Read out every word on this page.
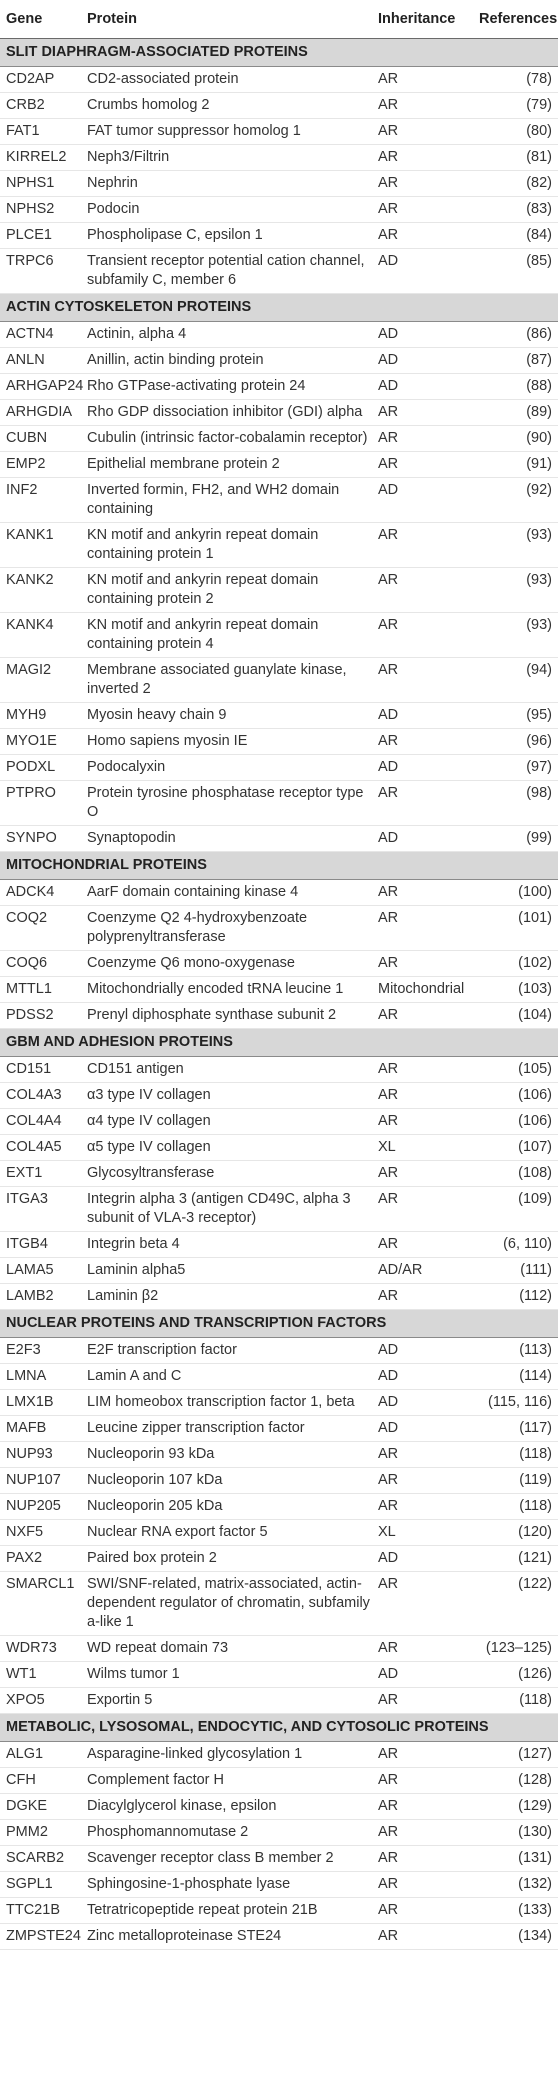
Gene	Protein	Inheritance	References
SLIT DIAPHRAGM-ASSOCIATED PROTEINS			
CD2AP	CD2-associated protein	AR	(78)
CRB2	Crumbs homolog 2	AR	(79)
FAT1	FAT tumor suppressor homolog 1	AR	(80)
KIRREL2	Neph3/Filtrin	AR	(81)
NPHS1	Nephrin	AR	(82)
NPHS2	Podocin	AR	(83)
PLCE1	Phospholipase C, epsilon 1	AR	(84)
TRPC6	Transient receptor potential cation channel, subfamily C, member 6	AD	(85)
ACTIN CYTOSKELETON PROTEINS			
ACTN4	Actinin, alpha 4	AD	(86)
ANLN	Anillin, actin binding protein	AD	(87)
ARHGAP24	Rho GTPase-activating protein 24	AD	(88)
ARHGDIA	Rho GDP dissociation inhibitor (GDI) alpha	AR	(89)
CUBN	Cubulin (intrinsic factor-cobalamin receptor)	AR	(90)
EMP2	Epithelial membrane protein 2	AR	(91)
INF2	Inverted formin, FH2, and WH2 domain containing	AD	(92)
KANK1	KN motif and ankyrin repeat domain containing protein 1	AR	(93)
KANK2	KN motif and ankyrin repeat domain containing protein 2	AR	(93)
KANK4	KN motif and ankyrin repeat domain containing protein 4	AR	(93)
MAGI2	Membrane associated guanylate kinase, inverted 2	AR	(94)
MYH9	Myosin heavy chain 9	AD	(95)
MYO1E	Homo sapiens myosin IE	AR	(96)
PODXL	Podocalyxin	AD	(97)
PTPRO	Protein tyrosine phosphatase receptor type O	AR	(98)
SYNPO	Synaptopodin	AD	(99)
MITOCHONDRIAL PROTEINS			
ADCK4	AarF domain containing kinase 4	AR	(100)
COQ2	Coenzyme Q2 4-hydroxybenzoate polyprenyltransferase	AR	(101)
COQ6	Coenzyme Q6 mono-oxygenase	AR	(102)
MTTL1	Mitochondrially encoded tRNA leucine 1	Mitochondrial	(103)
PDSS2	Prenyl diphosphate synthase subunit 2	AR	(104)
GBM AND ADHESION PROTEINS			
CD151	CD151 antigen	AR	(105)
COL4A3	α3 type IV collagen	AR	(106)
COL4A4	α4 type IV collagen	AR	(106)
COL4A5	α5 type IV collagen	XL	(107)
EXT1	Glycosyltransferase	AR	(108)
ITGA3	Integrin alpha 3 (antigen CD49C, alpha 3 subunit of VLA-3 receptor)	AR	(109)
ITGB4	Integrin beta 4	AR	(6, 110)
LAMA5	Laminin alpha5	AD/AR	(111)
LAMB2	Laminin β2	AR	(112)
NUCLEAR PROTEINS AND TRANSCRIPTION FACTORS			
E2F3	E2F transcription factor	AD	(113)
LMNA	Lamin A and C	AD	(114)
LMX1B	LIM homeobox transcription factor 1, beta	AD	(115, 116)
MAFB	Leucine zipper transcription factor	AD	(117)
NUP93	Nucleoporin 93 kDa	AR	(118)
NUP107	Nucleoporin 107 kDa	AR	(119)
NUP205	Nucleoporin 205 kDa	AR	(118)
NXF5	Nuclear RNA export factor 5	XL	(120)
PAX2	Paired box protein 2	AD	(121)
SMARCL1	SWI/SNF-related, matrix-associated, actin-dependent regulator of chromatin, subfamily a-like 1	AR	(122)
WDR73	WD repeat domain 73	AR	(123–125)
WT1	Wilms tumor 1	AD	(126)
XPO5	Exportin 5	AR	(118)
METABOLIC, LYSOSOMAL, ENDOCYTIC, AND CYTOSOLIC PROTEINS			
ALG1	Asparagine-linked glycosylation 1	AR	(127)
CFH	Complement factor H	AR	(128)
DGKE	Diacylglycerol kinase, epsilon	AR	(129)
PMM2	Phosphomannomutase 2	AR	(130)
SCARB2	Scavenger receptor class B member 2	AR	(131)
SGPL1	Sphingosine-1-phosphate lyase	AR	(132)
TTC21B	Tetratricopeptide repeat protein 21B	AR	(133)
ZMPSTE24	Zinc metalloproteinase STE24	AR	(134)
